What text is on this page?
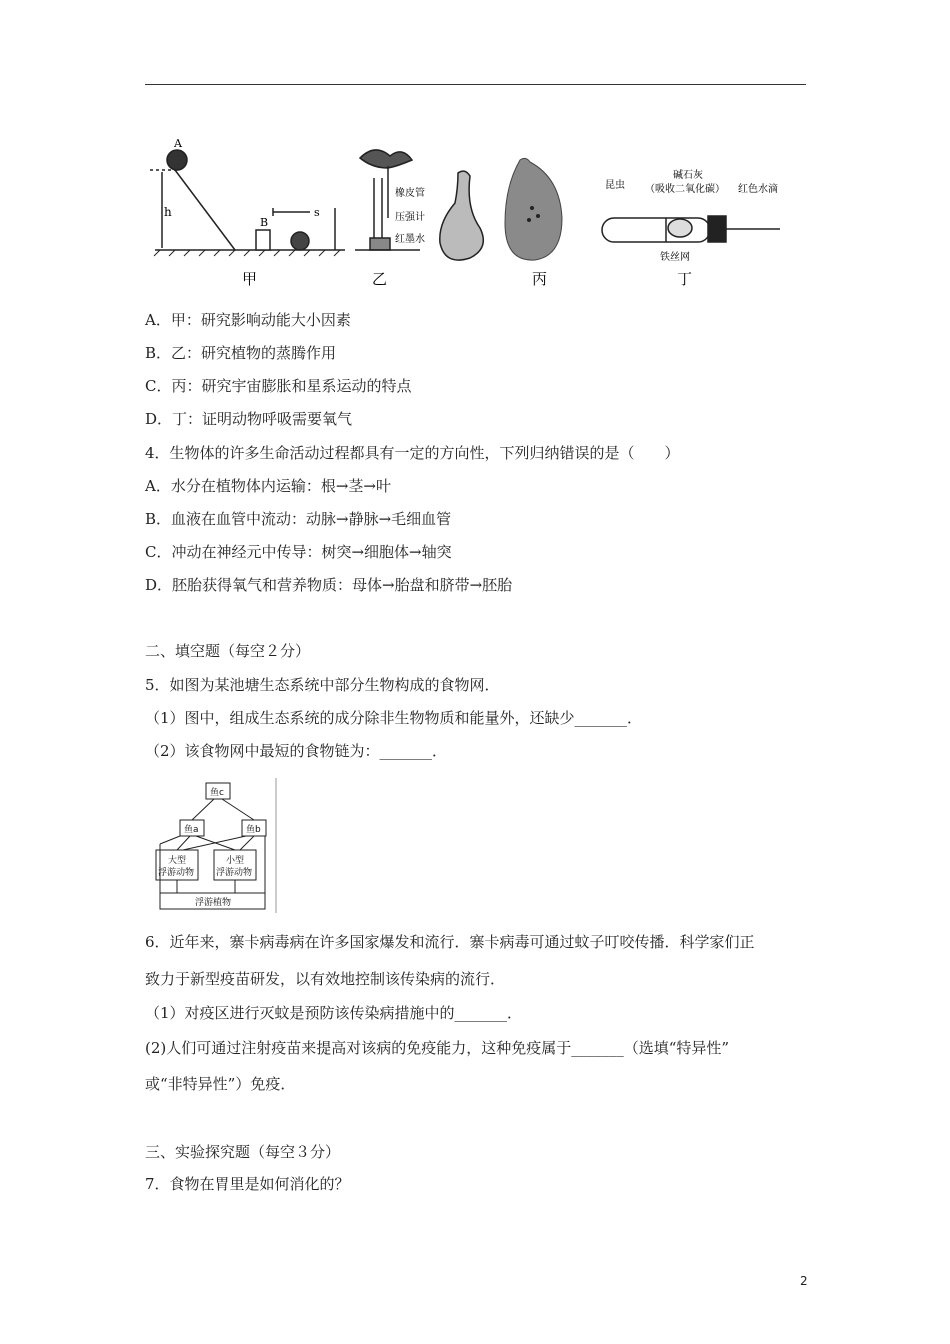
A
h
B
s
甲
橡皮管
压强计
红墨水
乙	丙
昆虫
碱石灰
（吸收二氧化碳） 红色水滴
铁丝网
丁
A．甲：研究影响动能大小因素
B．乙：研究植物的蒸腾作用
C．丙：研究宇宙膨胀和星系运动的特点
D．丁：证明动物呼吸需要氧气
4．生物体的许多生命活动过程都具有一定的方向性，下列归纳错误的是（　　）
A．水分在植物体内运输：根→茎→叶
B．血液在血管中流动：动脉→静脉→毛细血管
C．冲动在神经元中传导：树突→细胞体→轴突
D．胚胎获得氧气和营养物质：母体→胎盘和脐带→胚胎
二、填空题（每空２分）
5．如图为某池塘生态系统中部分生物构成的食物网．
（1）图中，组成生态系统的成分除非生物物质和能量外，还缺少_______．
（2）该食物网中最短的食物链为：_______．
鱼c
鱼a	鱼b
大型
浮游动物
小型
浮游动物
浮游植物
6．近年来，寨卡病毒病在许多国家爆发和流行．寨卡病毒可通过蚊子叮咬传播．科学家们正
致力于新型疫苗研发，以有效地控制该传染病的流行．
（1）对疫区进行灭蚊是预防该传染病措施中的_______．
(2)人们可通过注射疫苗来提高对该病的免疫能力，这种免疫属于_______（选填“特异性”
或“非特异性”）免疫．
三、实验探究题（每空３分）
7．食物在胃里是如何消化的？
2
